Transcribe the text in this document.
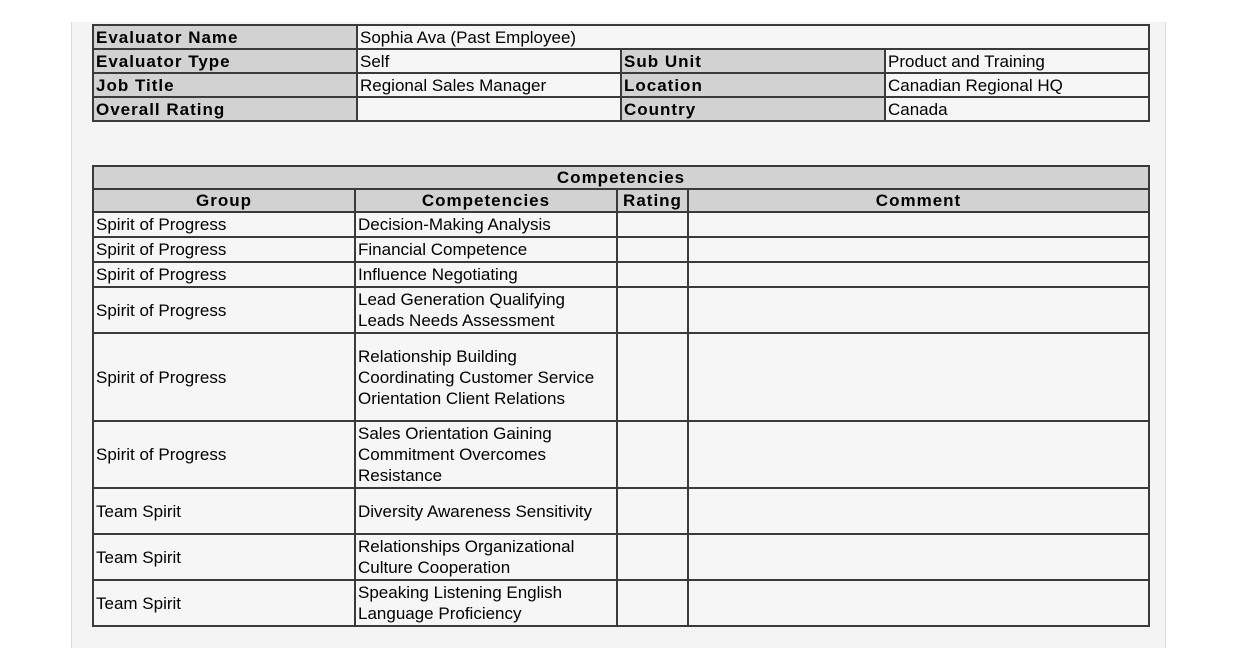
Evaluator Name	Sophia Ava (Past Employee)		
Evaluator Type	Self	Sub Unit	Product and Training
Job Title	Regional Sales Manager	Location	Canadian Regional HQ
Overall Rating		Country	Canada
Competencies			
Group	Competencies	Rating	Comment
Spirit of Progress	Decision-Making Analysis		
Spirit of Progress	Financial Competence		
Spirit of Progress	Influence Negotiating		
Spirit of Progress	Lead Generation Qualifying Leads Needs Assessment		
Spirit of Progress	Relationship Building Coordinating Customer Service Orientation Client Relations		
Spirit of Progress	Sales Orientation Gaining Commitment Overcomes Resistance		
Team Spirit	Diversity Awareness Sensitivity		
Team Spirit	Relationships Organizational Culture Cooperation		
Team Spirit	Speaking Listening English Language Proficiency		
